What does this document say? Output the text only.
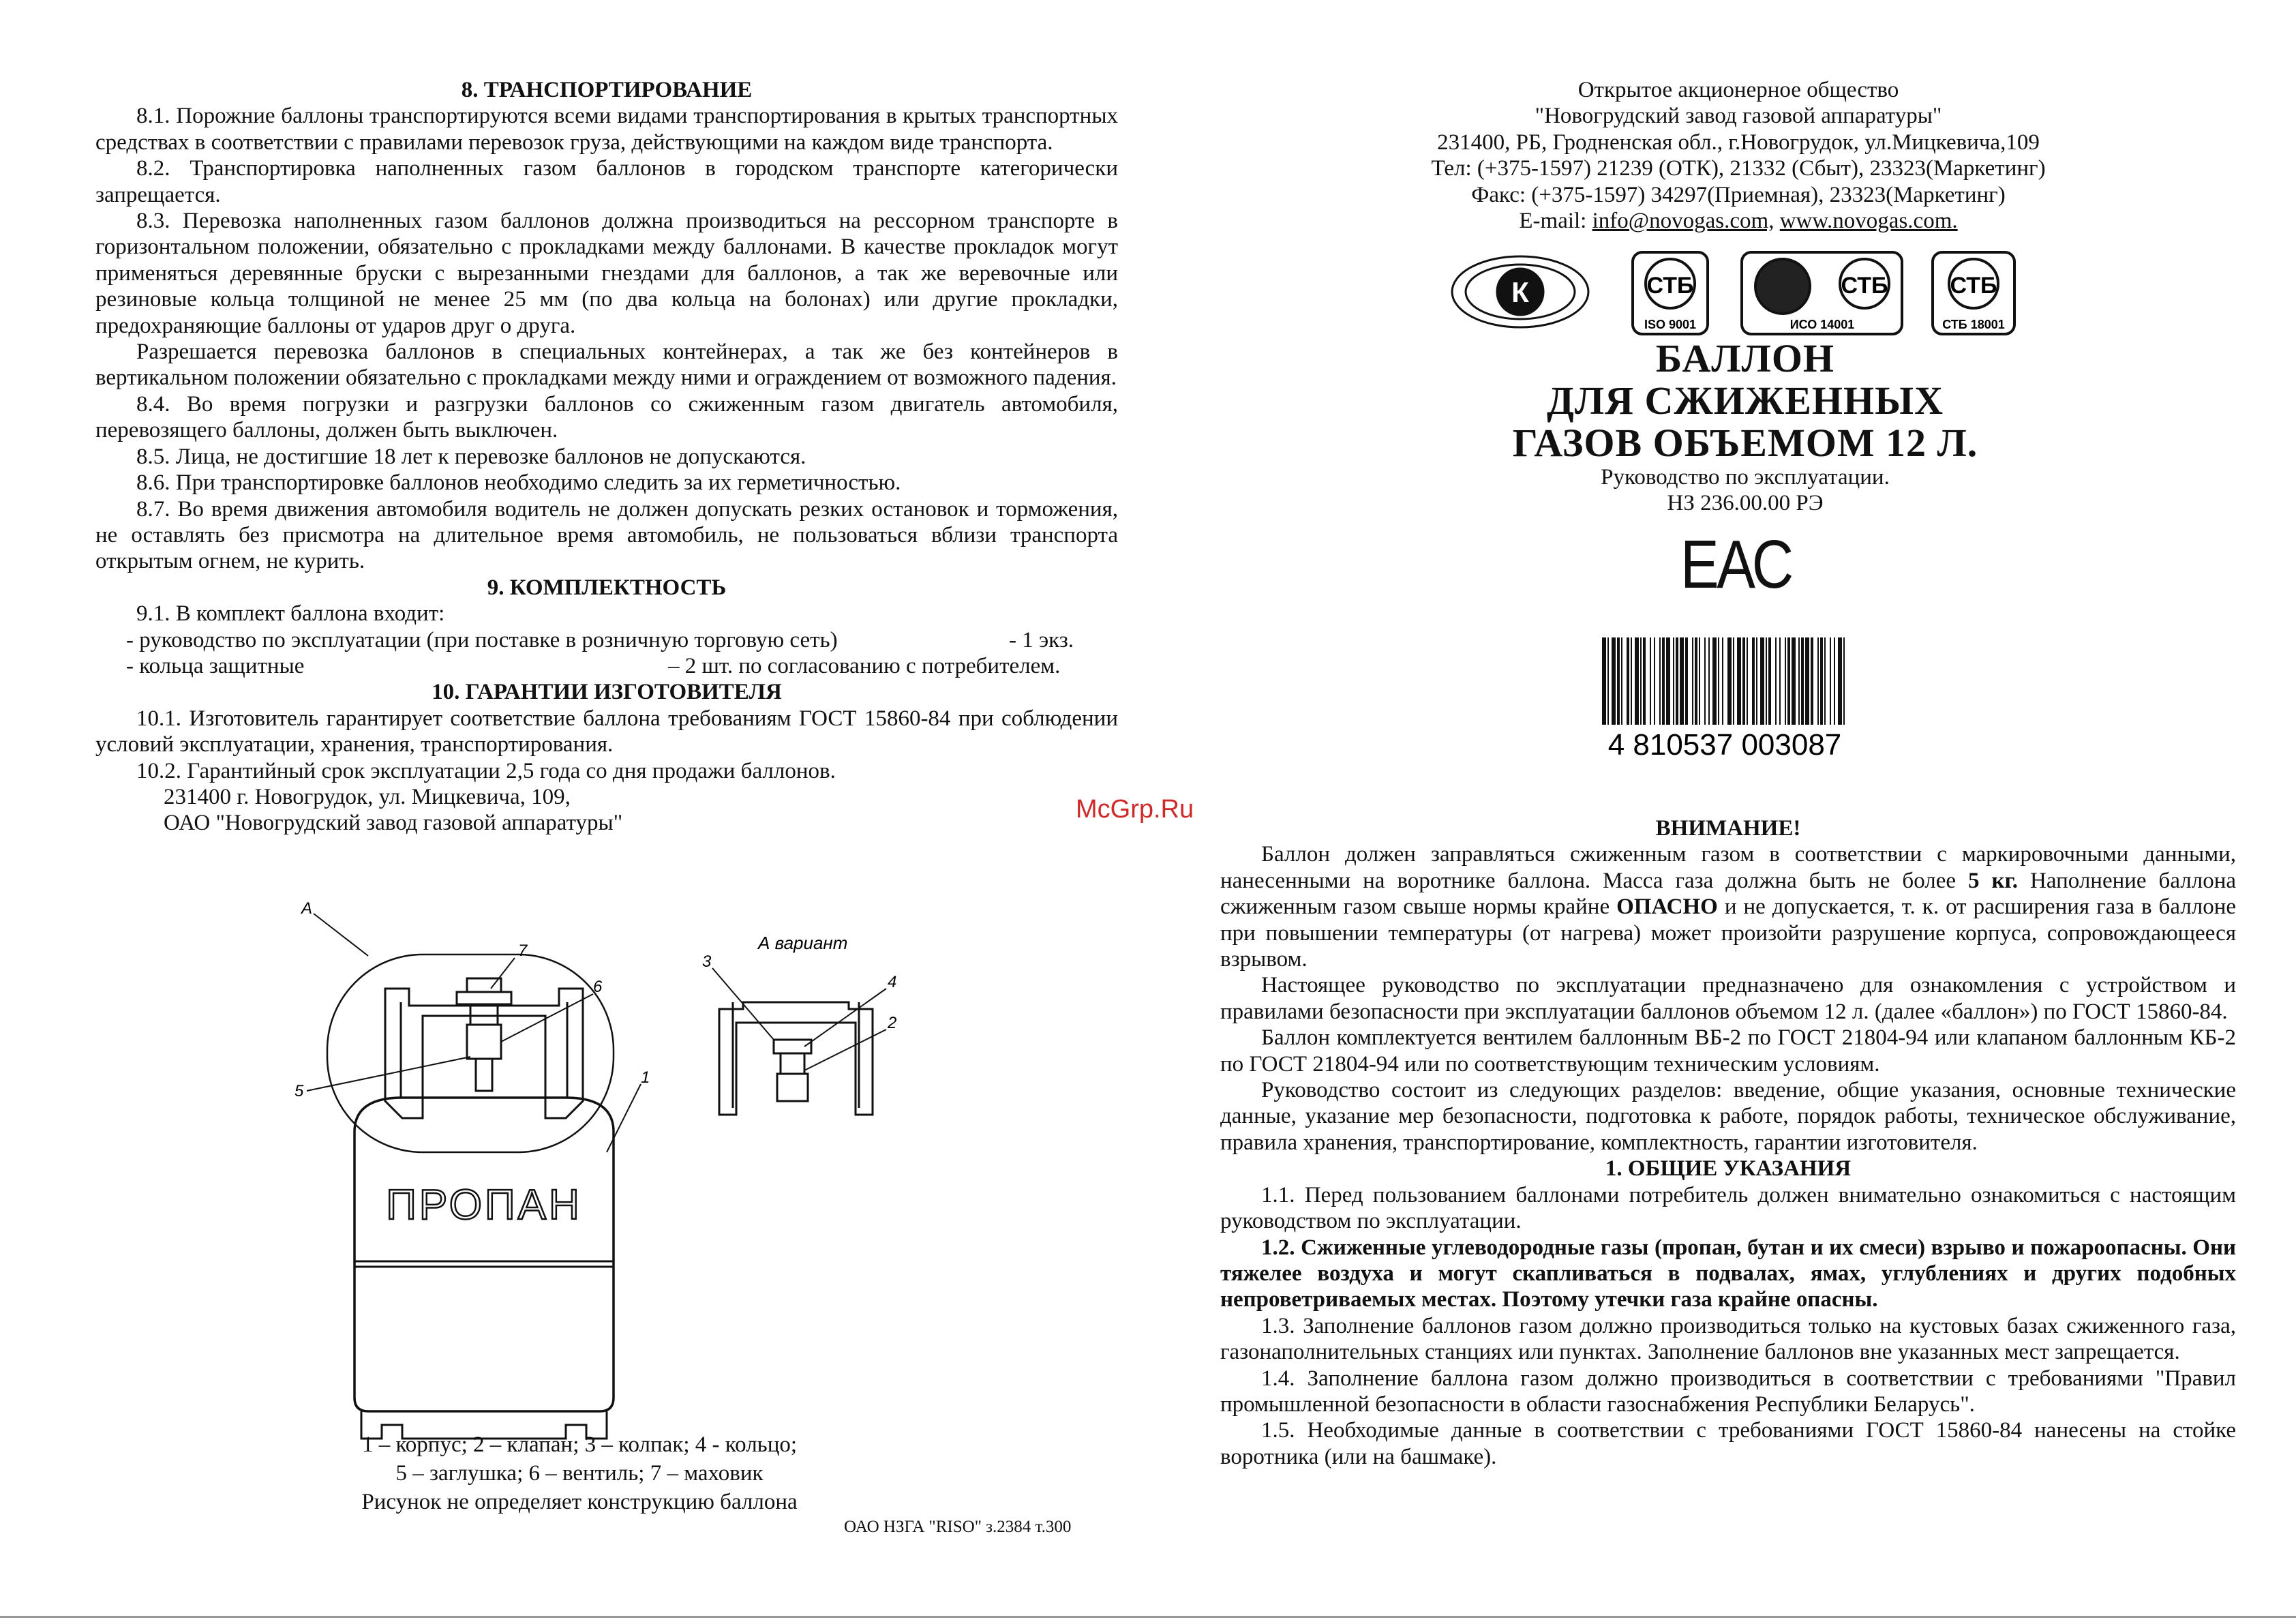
8. ТРАНСПОРТИРОВАНИЕ
8.1. Порожние баллоны транспортируются всеми видами транспортирования в крытых транспортных средствах в соответствии с правилами перевозок груза, действующими на каждом виде транспорта.
8.2. Транспортировка наполненных газом баллонов в городском транспорте категорически запрещается.
8.3. Перевозка наполненных газом баллонов должна производиться на рессорном транспорте в горизонтальном положении, обязательно с прокладками между баллонами. В качестве прокладок могут применяться деревянные бруски с вырезанными гнездами для баллонов, а так же веревочные или резиновые кольца толщиной не менее 25 мм (по два кольца на болонах) или другие прокладки, предохраняющие баллоны от ударов друг о друга.
Разрешается перевозка баллонов в специальных контейнерах, а так же без контейнеров в вертикальном положении обязательно с прокладками между ними и ограждением от возможного падения.
8.4. Во время погрузки и разгрузки баллонов со сжиженным газом двигатель автомобиля, перевозящего баллоны, должен быть выключен.
8.5. Лица, не достигшие 18 лет к перевозке баллонов не допускаются.
8.6. При транспортировке баллонов необходимо следить за их герметичностью.
8.7. Во время движения автомобиля водитель не должен допускать резких остановок и торможения, не оставлять без присмотра на длительное время автомобиль, не пользоваться вблизи транспорта открытым огнем, не курить.
9. КОМПЛЕКТНОСТЬ
9.1. В комплект баллона входит:
- руководство по эксплуатации (при поставке в розничную торговую сеть)	- 1 экз.
- кольца защитные	– 2 шт. по согласованию с потребителем.
10. ГАРАНТИИ ИЗГОТОВИТЕЛЯ
10.1. Изготовитель гарантирует соответствие баллона требованиям ГОСТ 15860-84 при соблюдении условий эксплуатации, хранения, транспортирования.
10.2. Гарантийный срок эксплуатации 2,5 года со дня продажи баллонов.
231400 г. Новогрудок, ул. Мицкевича, 109,
ОАО "Новогрудский завод газовой аппаратуры"
А
7
6
5
1
ПРОПАН
А вариант
3
4
2
1 – корпус; 2 – клапан; 3 – колпак; 4 - кольцо;
5 – заглушка; 6 – вентиль; 7 – маховик
Рисунок не определяет конструкцию баллона
ОАО НЗГА "RISO" з.2384 т.300
McGrp.Ru
Открытое акционерное общество
"Новогрудский завод газовой аппаратуры"
231400, РБ, Гродненская обл., г.Новогрудок, ул.Мицкевича,109
Тел: (+375-1597) 21239 (ОТК), 21332 (Сбыт), 23323(Маркетинг)
Факс: (+375-1597) 34297(Приемная), 23323(Маркетинг)
E-mail: info@novogas.com, www.novogas.com.
К	СТБ
ISO 9001
СТБ
ИСО 14001
СТБ
СТБ 18001
БАЛЛОН
ДЛЯ СЖИЖЕННЫХ
ГАЗОВ ОБЪЕМОМ 12 Л.
Руководство по эксплуатации.
НЗ 236.00.00 РЭ
ЕАС
4 810537 003087
ВНИМАНИЕ!
Баллон должен заправляться сжиженным газом в соответствии с маркировочными данными, нанесенными на воротнике баллона. Масса газа должна быть не более 5 кг. Наполнение баллона сжиженным газом свыше нормы крайне ОПАСНО и не допускается, т. к. от расширения газа в баллоне при повышении температуры (от нагрева) может произойти разрушение корпуса, сопровождающееся взрывом.
Настоящее руководство по эксплуатации предназначено для ознакомления с устройством и правилами безопасности при эксплуатации баллонов объемом 12 л. (далее «баллон») по ГОСТ 15860-84.
Баллон комплектуется вентилем баллонным ВБ-2 по ГОСТ 21804-94 или клапаном баллонным КБ-2 по ГОСТ 21804-94 или по соответствующим техническим условиям.
Руководство состоит из следующих разделов: введение, общие указания, основные технические данные, указание мер безопасности, подготовка к работе, порядок работы, техническое обслуживание, правила хранения, транспортирование, комплектность, гарантии изготовителя.
1. ОБЩИЕ УКАЗАНИЯ
1.1. Перед пользованием баллонами потребитель должен внимательно ознакомиться с настоящим руководством по эксплуатации.
1.2. Сжиженные углеводородные газы (пропан, бутан и их смеси) взрыво и пожароопасны. Они тяжелее воздуха и могут скапливаться в подвалах, ямах, углублениях и других подобных непроветриваемых местах. Поэтому утечки газа крайне опасны.
1.3. Заполнение баллонов газом должно производиться только на кустовых базах сжиженного газа, газонаполнительных станциях или пунктах. Заполнение баллонов вне указанных мест запрещается.
1.4. Заполнение баллона газом должно производиться в соответствии с требованиями "Правил промышленной безопасности в области газоснабжения Республики Беларусь".
1.5. Необходимые данные в соответствии с требованиями ГОСТ 15860-84 нанесены на стойке воротника (или на башмаке).
